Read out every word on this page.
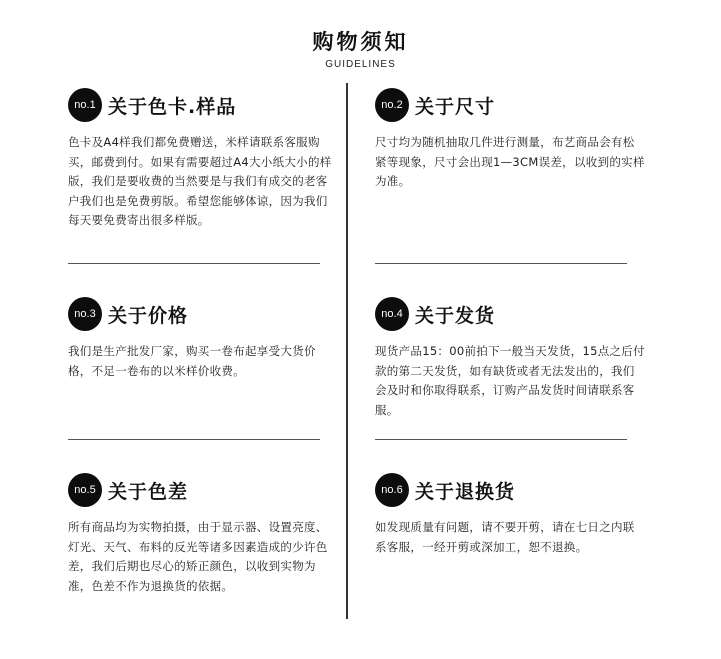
购物须知
GUIDELINES
no.1 关于色卡.样品
色卡及A4样我们都免费赠送，米样请联系客服购买，邮费到付。如果有需要超过A4大小纸大小的样版，我们是要收费的当然要是与我们有成交的老客户我们也是免费剪版。希望您能够体谅，因为我们每天要免费寄出很多样版。
no.2 关于尺寸
尺寸均为随机抽取几件进行测量，布艺商品会有松紧等现象，尺寸会出现1—3CM误差，以收到的实样为准。
no.3 关于价格
我们是生产批发厂家，购买一卷布起享受大货价格，不足一卷布的以米样价收费。
no.4 关于发货
现货产品15：00前拍下一般当天发货，15点之后付款的第二天发货，如有缺货或者无法发出的，我们会及时和你取得联系，订购产品发货时间请联系客服。
no.5 关于色差
所有商品均为实物拍摄，由于显示器、设置亮度、灯光、天气、布料的反光等诸多因素造成的少许色差，我们后期也尽心的矫正颜色，以收到实物为准，色差不作为退换货的依据。
no.6 关于退换货
如发现质量有问题，请不要开剪，请在七日之内联系客服，一经开剪或深加工，恕不退换。
